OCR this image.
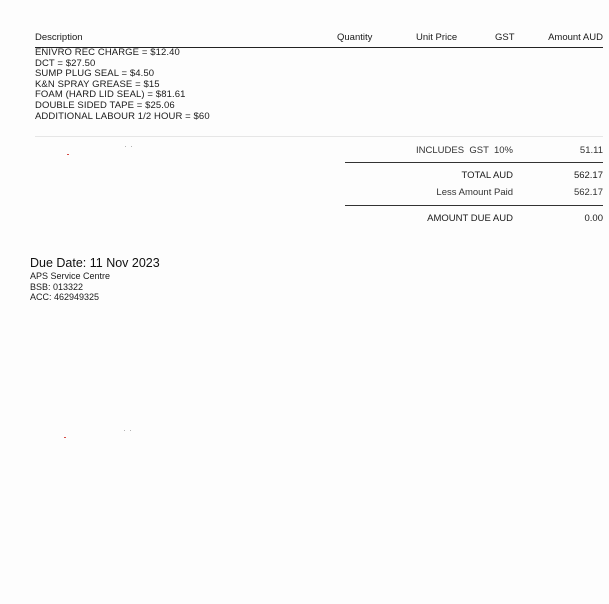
Description	Quantity	Unit Price	GST	Amount AUD
ENIVRO REC CHARGE = $12.40
DCT = $27.50
SUMP PLUG SEAL = $4.50
K&N SPRAY GREASE = $15
FOAM (HARD LID SEAL) = $81.61
DOUBLE SIDED TAPE = $25.06
ADDITIONAL LABOUR 1/2 HOUR = $60
INCLUDES  GST  10%	51.11
TOTAL AUD	562.17
Less Amount Paid	562.17
AMOUNT DUE AUD	0.00
Due Date: 11 Nov 2023
APS Service Centre
BSB: 013322
ACC: 462949325
